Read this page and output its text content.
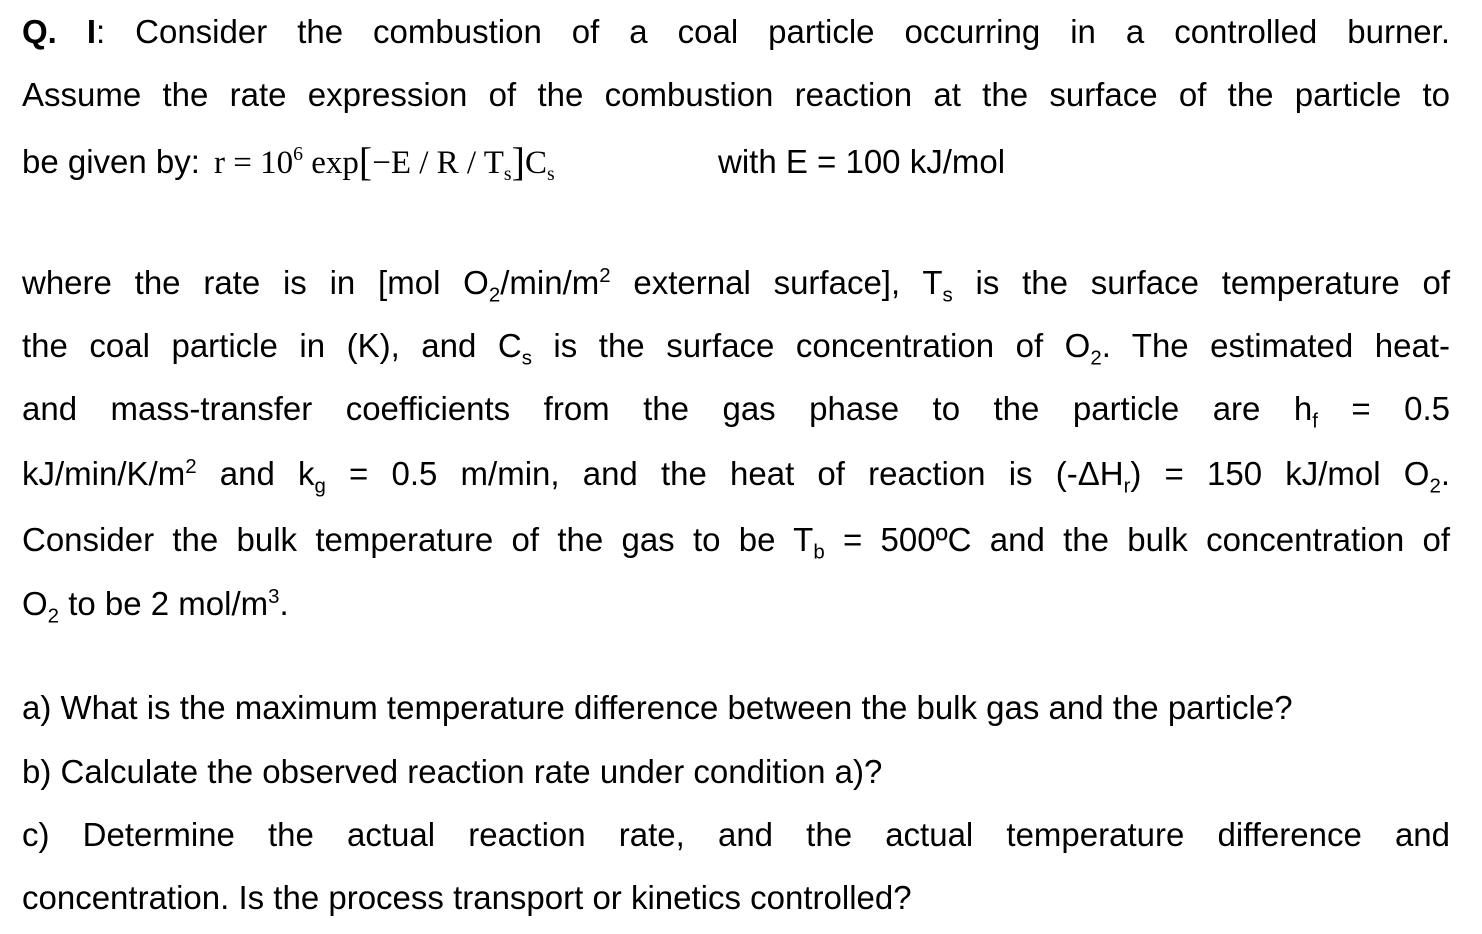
Q. I: Consider the combustion of a coal particle occurring in a controlled burner.
Assume the rate expression of the combustion reaction at the surface of the particle to
be given by: $r = 10^6$ $\exp[-E / R / T_s]C_s$	with E = 100 kJ/mol
where the rate is in [mol $O_2/\min/m^2$ external surface], $T_s$ is the surface temperature of
the coal particle in (K), and $C_s$ is the surface concentration of $O_2$. The estimated heat-
and mass-transfer coefficients from the gas phase to the particle are $h_f = 0.5$
$kJ/\min/K/m^2$ and $k_g = 0.5$ m/min, and the heat of reaction is $(-\Delta H_r) = 150$ kJ/mol $O_2$.
Consider the bulk temperature of the gas to be $T_b$ = 500ºC and the bulk concentration of
$O_2$ to be 2 mol/$m^3$.
a) What is the maximum temperature difference between the bulk gas and the particle?
b) Calculate the observed reaction rate under condition a)?
c) Determine the actual reaction rate, and the actual temperature difference and
concentration. Is the process transport or kinetics controlled?
